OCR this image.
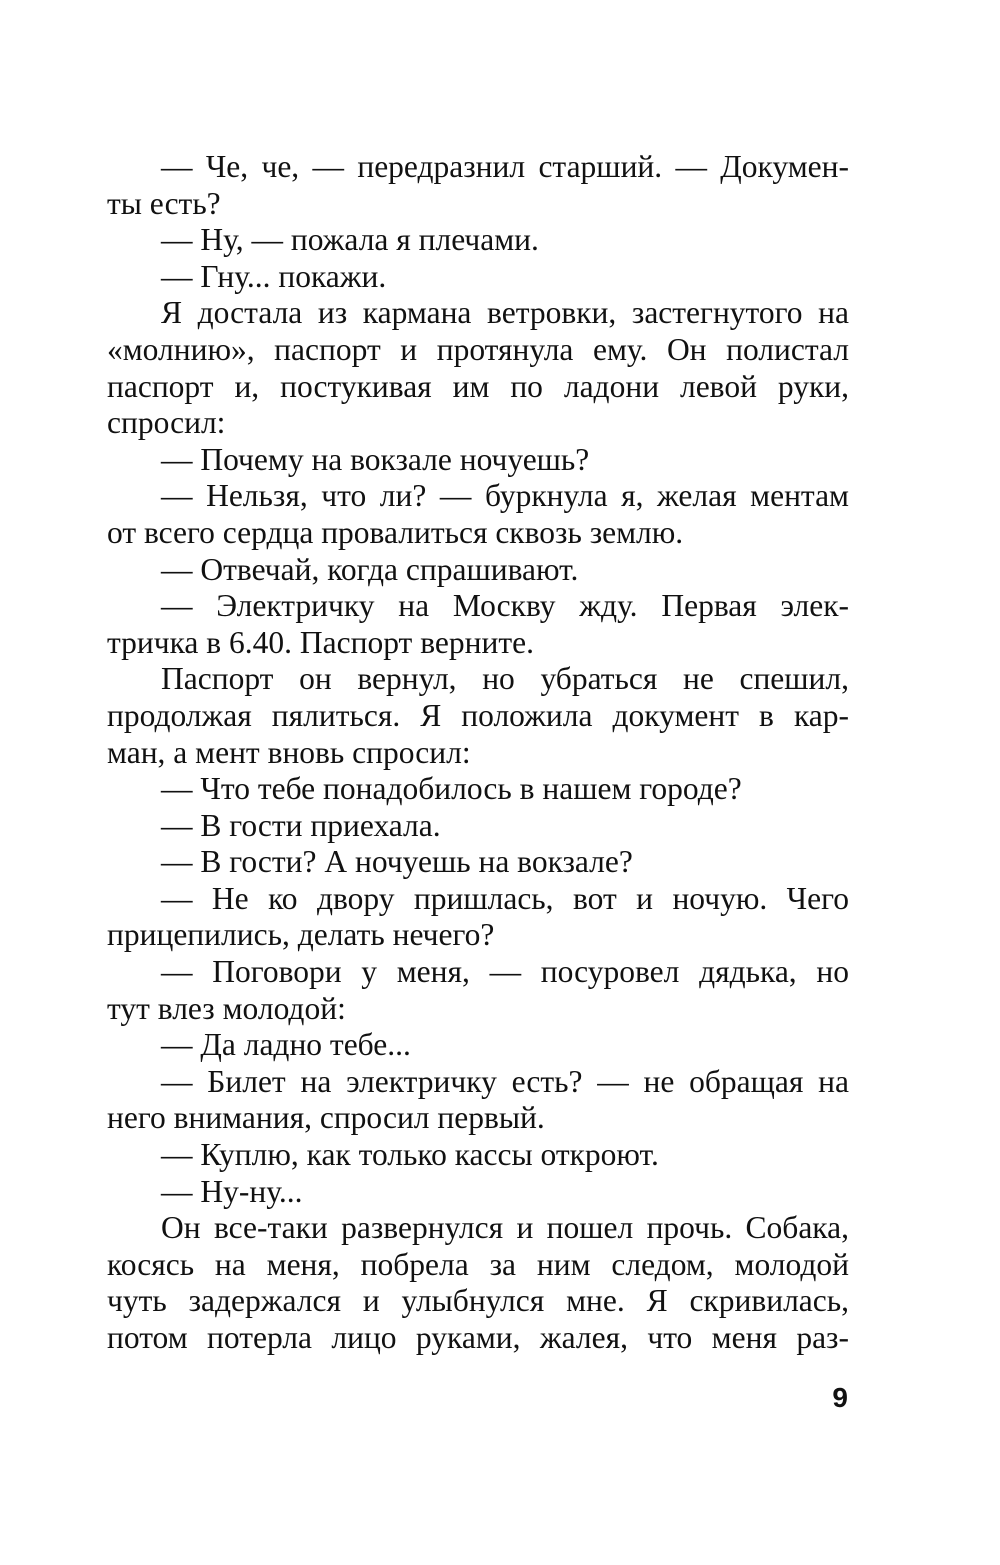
— Че, че, — передразнил старший. — Докумен-
ты есть?
— Ну, — пожала я плечами.
— Гну... покажи.
Я достала из кармана ветровки, застегнутого на
«молнию», паспорт и протянула ему. Он полистал
паспорт и, постукивая им по ладони левой руки,
спросил:
— Почему на вокзале ночуешь?
— Нельзя, что ли? — буркнула я, желая ментам
от всего сердца провалиться сквозь землю.
— Отвечай, когда спрашивают.
— Электричку на Москву жду. Первая элек-
тричка в 6.40. Паспорт верните.
Паспорт он вернул, но убраться не спешил,
продолжая пялиться. Я положила документ в кар-
ман, а мент вновь спросил:
— Что тебе понадобилось в нашем городе?
— В гости приехала.
— В гости? А ночуешь на вокзале?
— Не ко двору пришлась, вот и ночую. Чего
прицепились, делать нечего?
— Поговори у меня, — посуровел дядька, но
тут влез молодой:
— Да ладно тебе...
— Билет на электричку есть? — не обращая на
него внимания, спросил первый.
— Куплю, как только кассы откроют.
— Ну-ну...
Он все-таки развернулся и пошел прочь. Собака,
косясь на меня, побрела за ним следом, молодой
чуть задержался и улыбнулся мне. Я скривилась,
потом потерла лицо руками, жалея, что меня раз-
9
